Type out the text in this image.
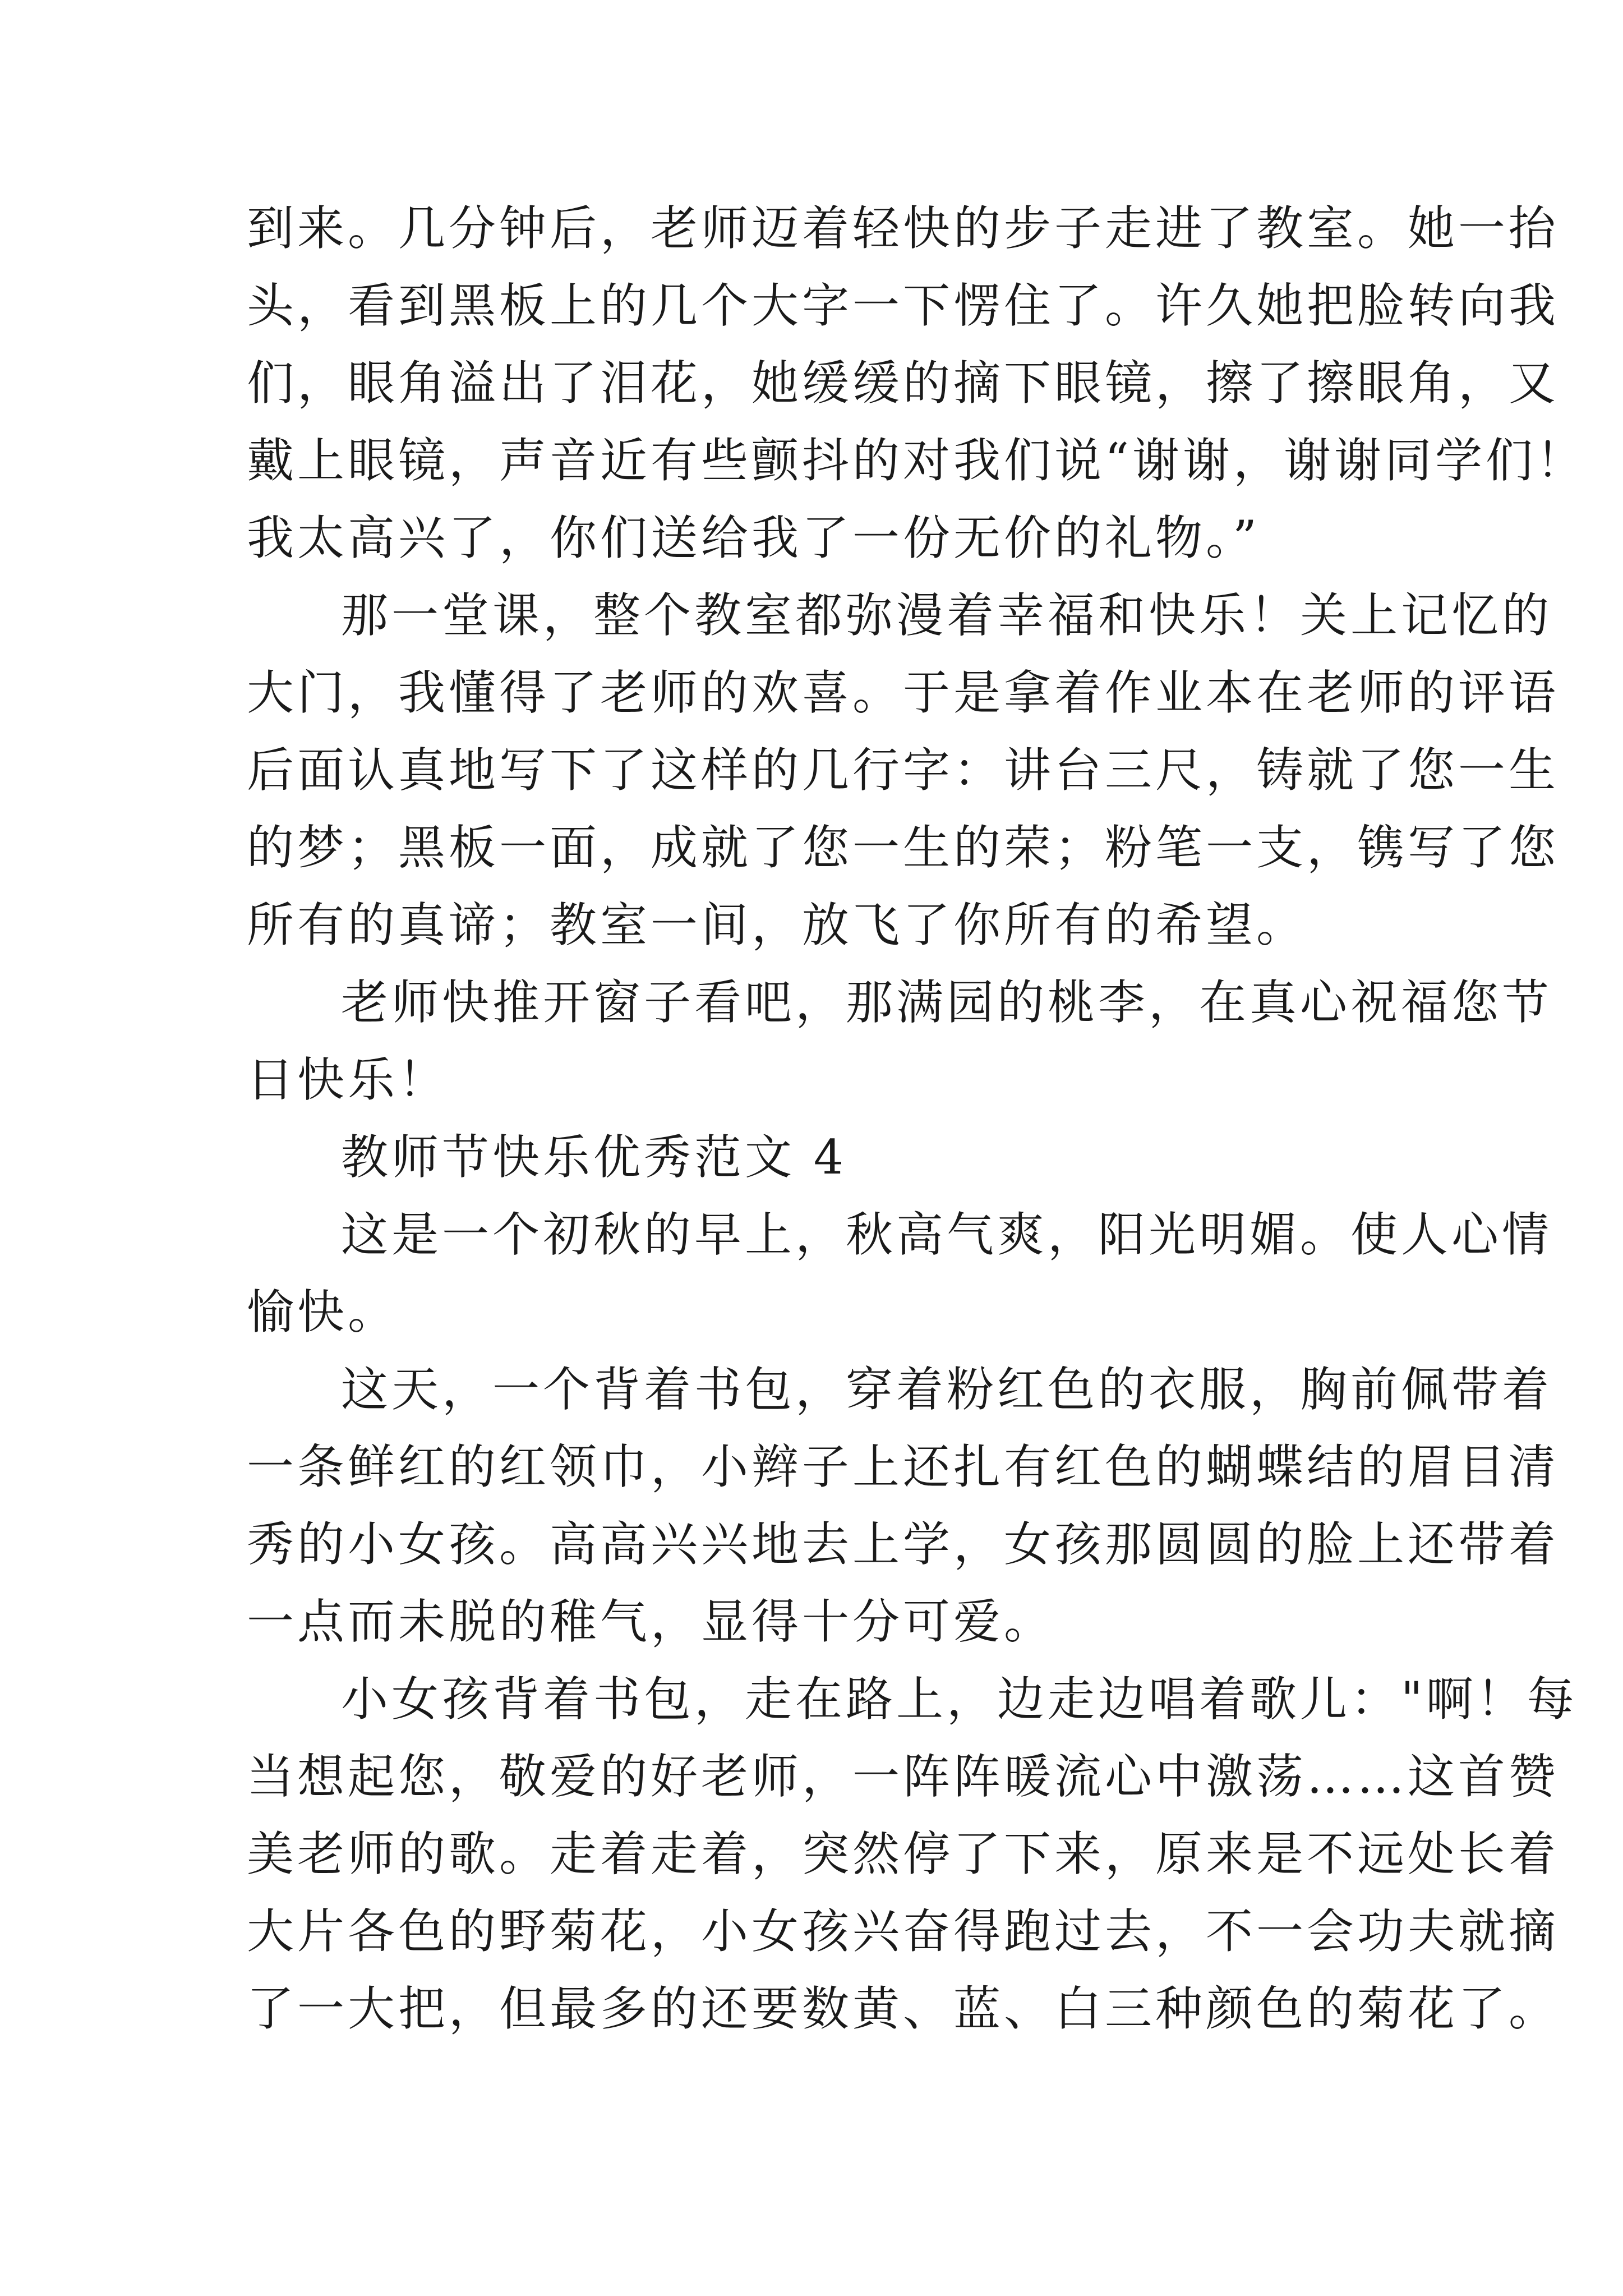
到来。几分钟后，老师迈着轻快的步子走进了教室。她一抬
头，看到黑板上的几个大字一下愣住了。许久她把脸转向我
们，眼角溢出了泪花，她缓缓的摘下眼镜，擦了擦眼角，又
戴上眼镜，声音近有些颤抖的对我们说“谢谢，谢谢同学们！
我太高兴了，你们送给我了一份无价的礼物。”
那一堂课，整个教室都弥漫着幸福和快乐！关上记忆的
大门，我懂得了老师的欢喜。于是拿着作业本在老师的评语
后面认真地写下了这样的几行字：讲台三尺，铸就了您一生
的梦；黑板一面，成就了您一生的荣；粉笔一支，镌写了您
所有的真谛；教室一间，放飞了你所有的希望。
老师快推开窗子看吧，那满园的桃李，在真心祝福您节
日快乐！
教师节快乐优秀范文 4
这是一个初秋的早上，秋高气爽，阳光明媚。使人心情
愉快。
这天，一个背着书包，穿着粉红色的衣服，胸前佩带着
一条鲜红的红领巾，小辫子上还扎有红色的蝴蝶结的眉目清
秀的小女孩。高高兴兴地去上学，女孩那圆圆的脸上还带着
一点而未脱的稚气，显得十分可爱。
小女孩背着书包，走在路上，边走边唱着歌儿："啊！每
当想起您，敬爱的好老师，一阵阵暖流心中激荡……这首赞
美老师的歌。走着走着，突然停了下来，原来是不远处长着
大片各色的野菊花，小女孩兴奋得跑过去，不一会功夫就摘
了一大把，但最多的还要数黄、蓝、白三种颜色的菊花了。
